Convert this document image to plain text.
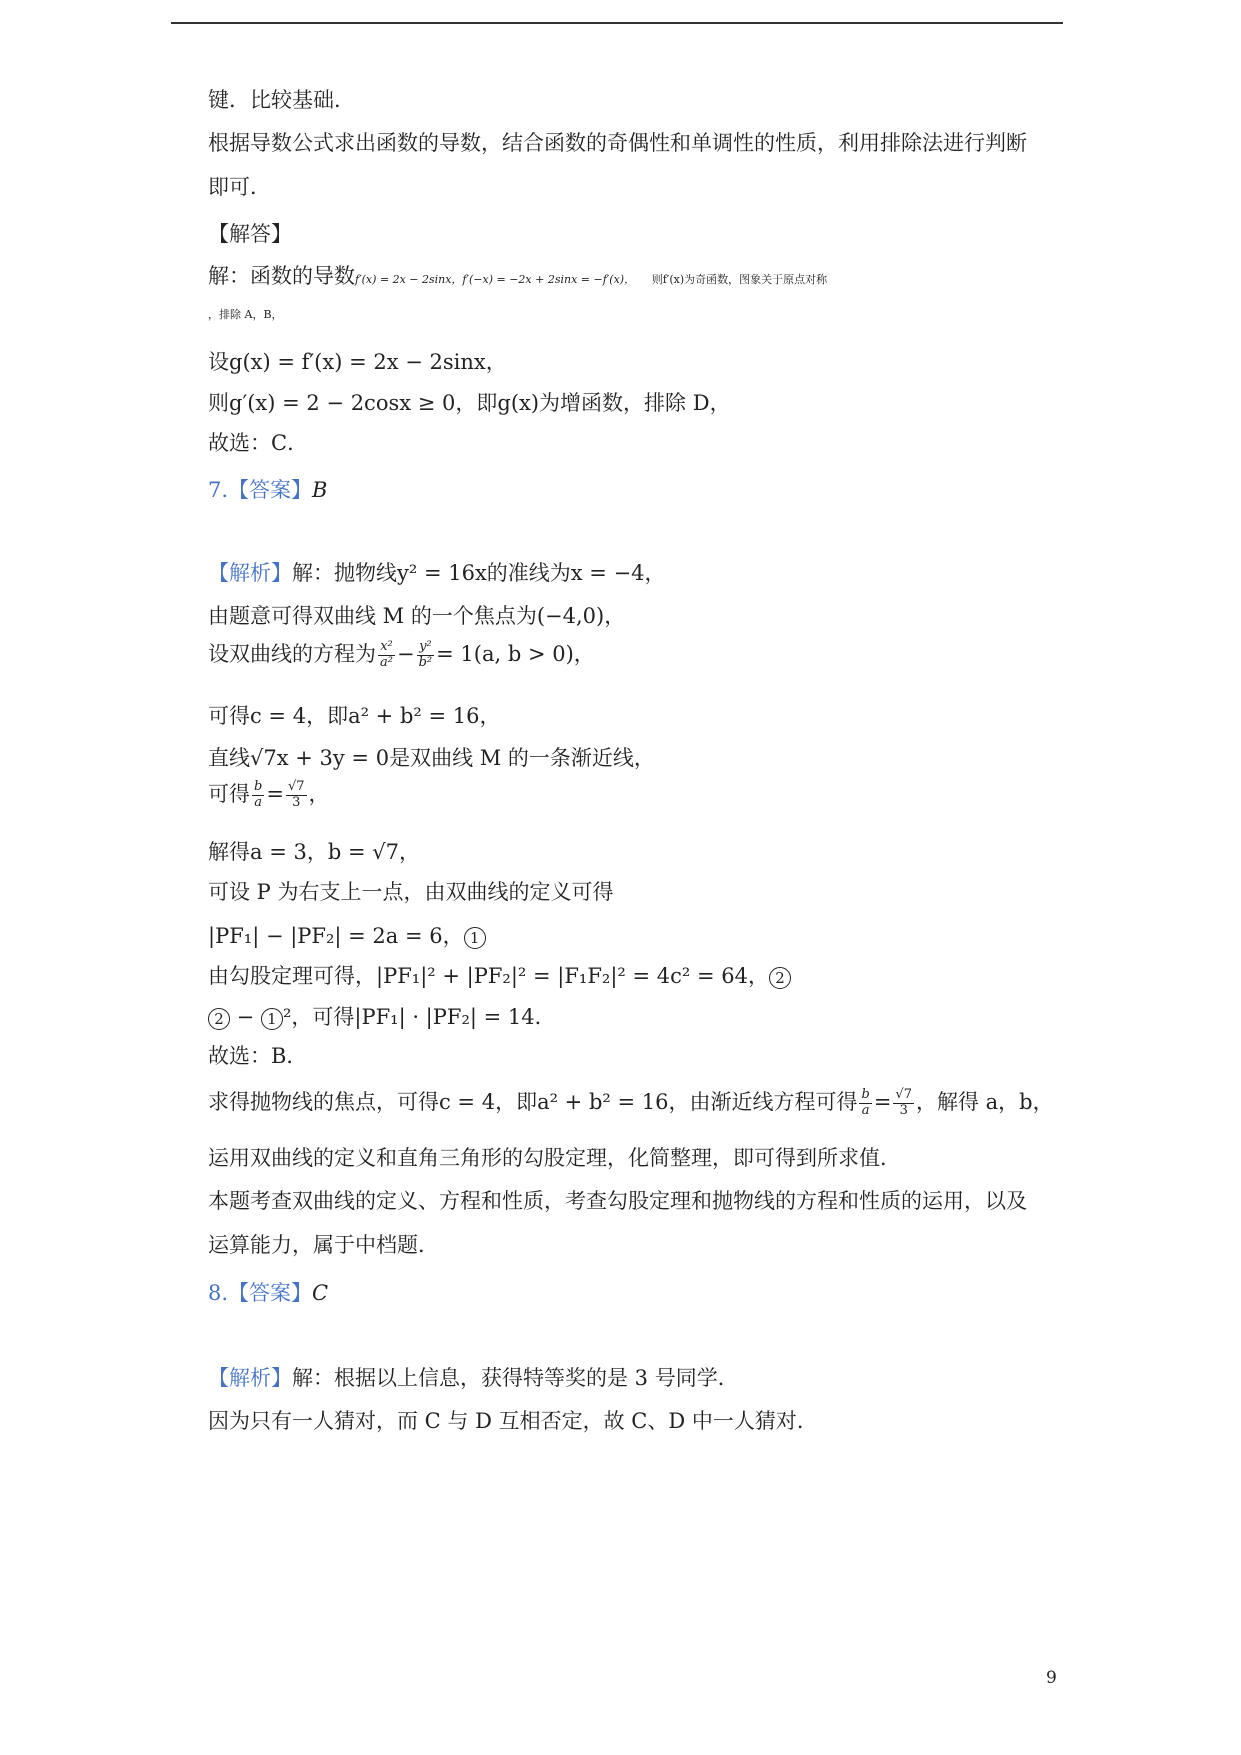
键．比较基础．
根据导数公式求出函数的导数，结合函数的奇偶性和单调性的性质，利用排除法进行判断
即可．
【解答】
解：函数的导数f′(x) = 2x − 2sinx，f′(−x) = −2x + 2sinx = −f′(x)， 则f′(x)为奇函数，图象关于原点对称
，排除 A，B，
设g(x) = f′(x) = 2x − 2sinx，
则g′(x) = 2 − 2cosx ≥ 0，即g(x)为增函数，排除 D，
故选：C．
7.【答案】B
【解析】解：抛物线y² = 16x的准线为x = −4，
由题意可得双曲线 M 的一个焦点为(−4,0)，
设双曲线的方程为 $\frac{\text{x²}}{\text{a²}} - \frac{\text{y²}}{\text{b²}} = 1(a$, b > 0)，
可得c = 4，即a² + b² = 16，
直线√7x + 3y = 0是双曲线 M 的一条渐近线，
可得 $\frac{b}{a} = \frac{√7}{3}$ ，
解得a = 3，b = √7，
可设 P 为右支上一点，由双曲线的定义可得
|PF₁| − |PF₂| = 2a = 6， 1
由勾股定理可得，|PF₁|² + |PF₂|² = |F₁F₂|² = 4c² = 64， 2
2 − 1 ²，可得|PF₁| · |PF₂| = 14．
故选：B．
求得抛物线的焦点，可得c = 4，即a² + b² = 16，由渐近线方程可得 $\frac{b}{a} = \frac{√7}{3}$ ，解得 a，b，
运用双曲线的定义和直角三角形的勾股定理，化简整理，即可得到所求值．
本题考查双曲线的定义、方程和性质，考查勾股定理和抛物线的方程和性质的运用，以及
运算能力，属于中档题．
8.【答案】C
【解析】解：根据以上信息，获得特等奖的是 3 号同学．
因为只有一人猜对，而 C 与 D 互相否定，故 C、D 中一人猜对．
9
